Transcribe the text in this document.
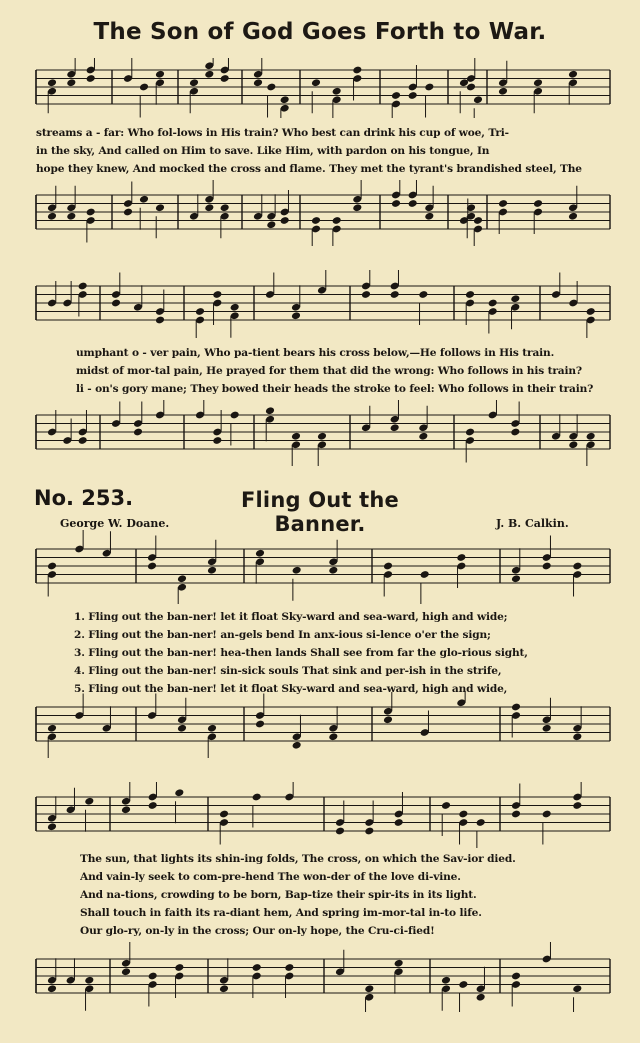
The Son of God Goes Forth to War.
streams a - far: Who fol-lows in His train? Who best can drink his cup of woe, Tri-
in the sky, And called on Him to save. Like Him, with pardon on his tongue, In
hope they knew, And mocked the cross and flame. They met the tyrant's brandished steel, The
umphant o - ver pain, Who pa-tient bears his cross below,—He follows in His train.
midst of mor-tal pain, He prayed for them that did the wrong: Who follows in his train?
li - on's gory mane; They bowed their heads the stroke to feel: Who follows in their train?
No. 253.	Fling Out the Banner.
George W. Doane.	J. B. Calkin.
1. Fling out the ban-ner! let it float Sky-ward and sea-ward, high and wide;
2. Fling out the ban-ner! an-gels bend In anx-ious si-lence o'er the sign;
3. Fling out the ban-ner! hea-then lands Shall see from far the glo-rious sight,
4. Fling out the ban-ner! sin-sick souls That sink and per-ish in the strife,
5. Fling out the ban-ner! let it float Sky-ward and sea-ward, high and wide,
The sun, that lights its shin-ing folds, The cross, on which the Sav-ior died.
And vain-ly seek to com-pre-hend The won-der of the love di-vine.
And na-tions, crowding to be born, Bap-tize their spir-its in its light.
Shall touch in faith its ra-diant hem, And spring im-mor-tal in-to life.
Our glo-ry, on-ly in the cross; Our on-ly hope, the Cru-ci-fied!
